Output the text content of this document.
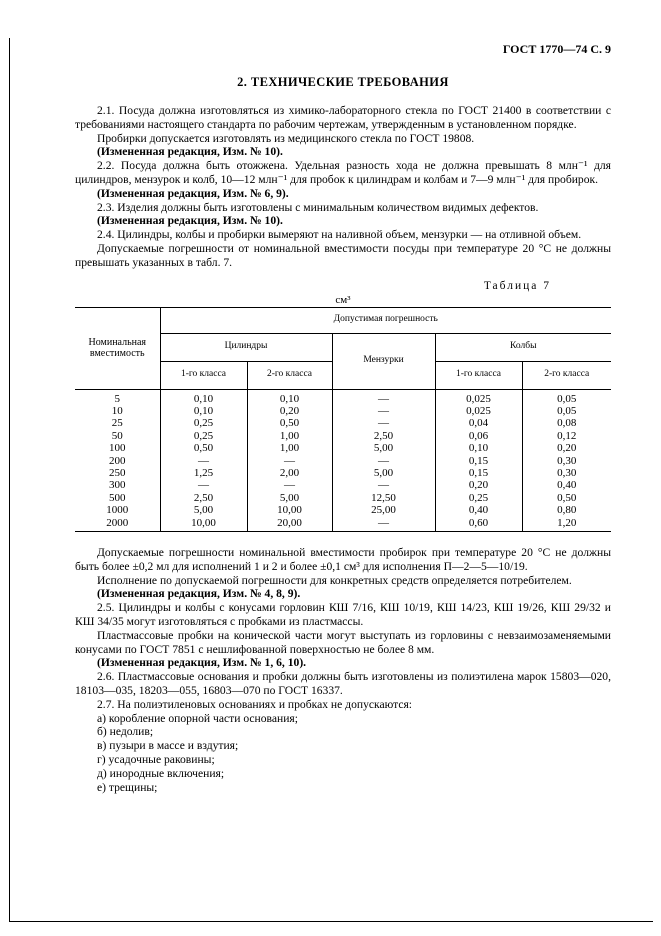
ГОСТ 1770—74 С. 9
2. ТЕХНИЧЕСКИЕ ТРЕБОВАНИЯ

2.1. Посуда должна изготовляться из химико-лабораторного стекла по ГОСТ 21400 в соответствии с требованиями настоящего стандарта по рабочим чертежам, утвержденным в установленном порядке.

Пробирки допускается изготовлять из медицинского стекла по ГОСТ 19808.

(Измененная редакция, Изм. № 10).

2.2. Посуда должна быть отожжена. Удельная разность хода не должна превышать 8 млн⁻¹ для цилиндров, мензурок и колб, 10—12 млн⁻¹ для пробок к цилиндрам и колбам и 7—9 млн⁻¹ для пробирок.

(Измененная редакция, Изм. № 6, 9).

2.3. Изделия должны быть изготовлены с минимальным количеством видимых дефектов.

(Измененная редакция, Изм. № 10).

2.4. Цилиндры, колбы и пробирки вымеряют на наливной объем, мензурки — на отливной объем.

Допускаемые погрешности от номинальной вместимости посуды при температуре 20 °С не должны превышать указанных в табл. 7.

Таблица 7
см³
Номинальная вместимость	Допустимая погрешность				
	Цилиндры		Мензурки	Колбы	
	1-го класса	2-го класса		1-го класса	2-го класса
5	0,10	0,10	—	0,025	0,05
10	0,10	0,20	—	0,025	0,05
25	0,25	0,50	—	0,04	0,08
50	0,25	1,00	2,50	0,06	0,12
100	0,50	1,00	5,00	0,10	0,20
200	—	—	—	0,15	0,30
250	1,25	2,00	5,00	0,15	0,30
300	—	—	—	0,20	0,40
500	2,50	5,00	12,50	0,25	0,50
1000	5,00	10,00	25,00	0,40	0,80
2000	10,00	20,00	—	0,60	1,20

Допускаемые погрешности номинальной вместимости пробирок при температуре 20 °С не должны быть более ±0,2 мл для исполнений 1 и 2 и более ±0,1 см³ для исполнения П—2—5—10/19.

Исполнение по допускаемой погрешности для конкретных средств определяется потребителем.

(Измененная редакция, Изм. № 4, 8, 9).

2.5. Цилиндры и колбы с конусами горловин КШ 7/16, КШ 10/19, КШ 14/23, КШ 19/26, КШ 29/32 и КШ 34/35 могут изготовляться с пробками из пластмассы.

Пластмассовые пробки на конической части могут выступать из горловины с невзаимозаменяемыми конусами по ГОСТ 7851 с нешлифованной поверхностью не более 8 мм.

(Измененная редакция, Изм. № 1, 6, 10).

2.6. Пластмассовые основания и пробки должны быть изготовлены из полиэтилена марок 15803—020, 18103—035, 18203—055, 16803—070 по ГОСТ 16337.

2.7. На полиэтиленовых основаниях и пробках не допускаются:

а) коробление опорной части основания;

б) недолив;

в) пузыри в массе и вздутия;

г) усадочные раковины;

д) инородные включения;

е) трещины;
